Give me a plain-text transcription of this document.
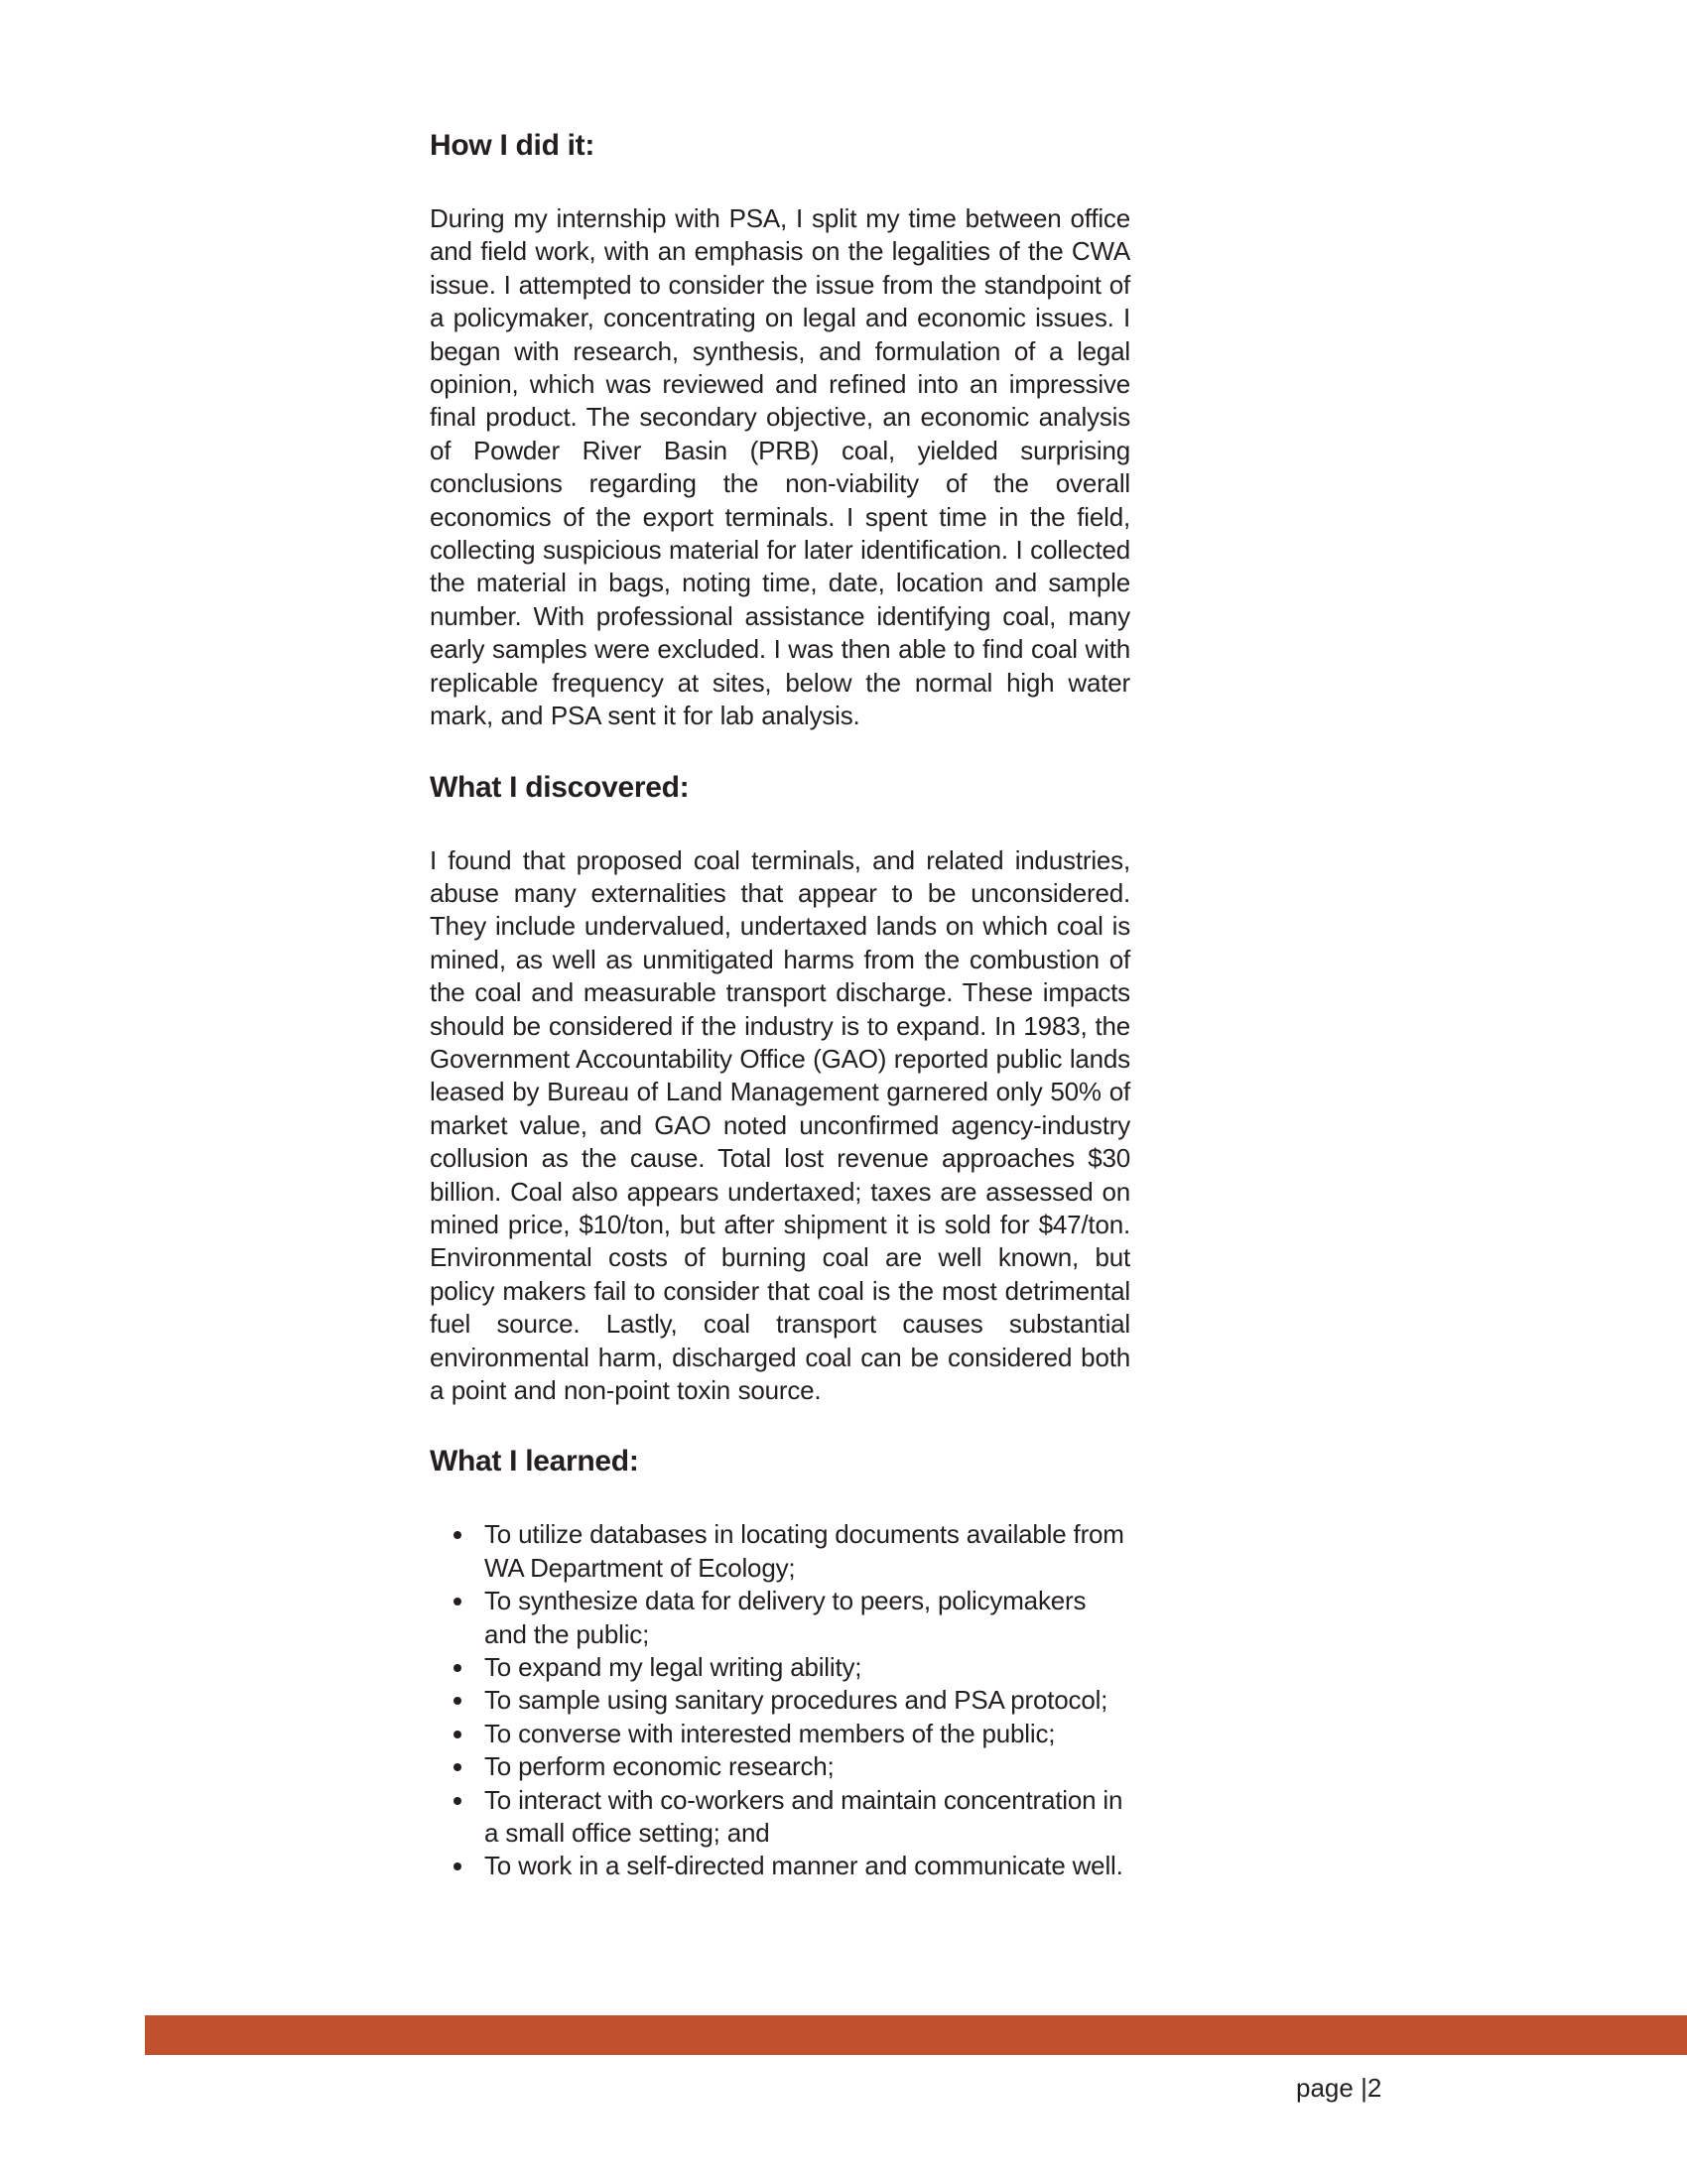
How I did it:

During my internship with PSA, I split my time between office and field work, with an emphasis on the legalities of the CWA issue. I attempted to consider the issue from the standpoint of a policymaker, concentrating on legal and economic issues. I began with research, synthesis, and formulation of a legal opinion, which was reviewed and refined into an impressive final product. The secondary objective, an economic analysis of Powder River Basin (PRB) coal, yielded surprising conclusions regarding the non-viability of the overall economics of the export terminals. I spent time in the field, collecting suspicious material for later identification. I collected the material in bags, noting time, date, location and sample number. With professional assistance identifying coal, many early samples were excluded. I was then able to find coal with replicable frequency at sites, below the normal high water mark, and PSA sent it for lab analysis.

What I discovered:

I found that proposed coal terminals, and related industries, abuse many externalities that appear to be unconsidered. They include undervalued, undertaxed lands on which coal is mined, as well as unmitigated harms from the combustion of the coal and measurable transport discharge. These impacts should be considered if the industry is to expand. In 1983, the Government Accountability Office (GAO) reported public lands leased by Bureau of Land Management garnered only 50% of market value, and GAO noted unconfirmed agency-industry collusion as the cause. Total lost revenue approaches $30 billion. Coal also appears undertaxed; taxes are assessed on mined price, $10/ton, but after shipment it is sold for $47/ton. Environmental costs of burning coal are well known, but policy makers fail to consider that coal is the most detrimental fuel source. Lastly, coal transport causes substantial environmental harm, discharged coal can be considered both a point and non-point toxin source.

What I learned:
To utilize databases in locating documents available from WA Department of Ecology;
To synthesize data for delivery to peers, policymakers and the public;
To expand my legal writing ability;
To sample using sanitary procedures and PSA protocol;
To converse with interested members of the public;
To perform economic research;
To interact with co-workers and maintain concentration in a small office setting; and
To work in a self-directed manner and communicate well.
page |2
